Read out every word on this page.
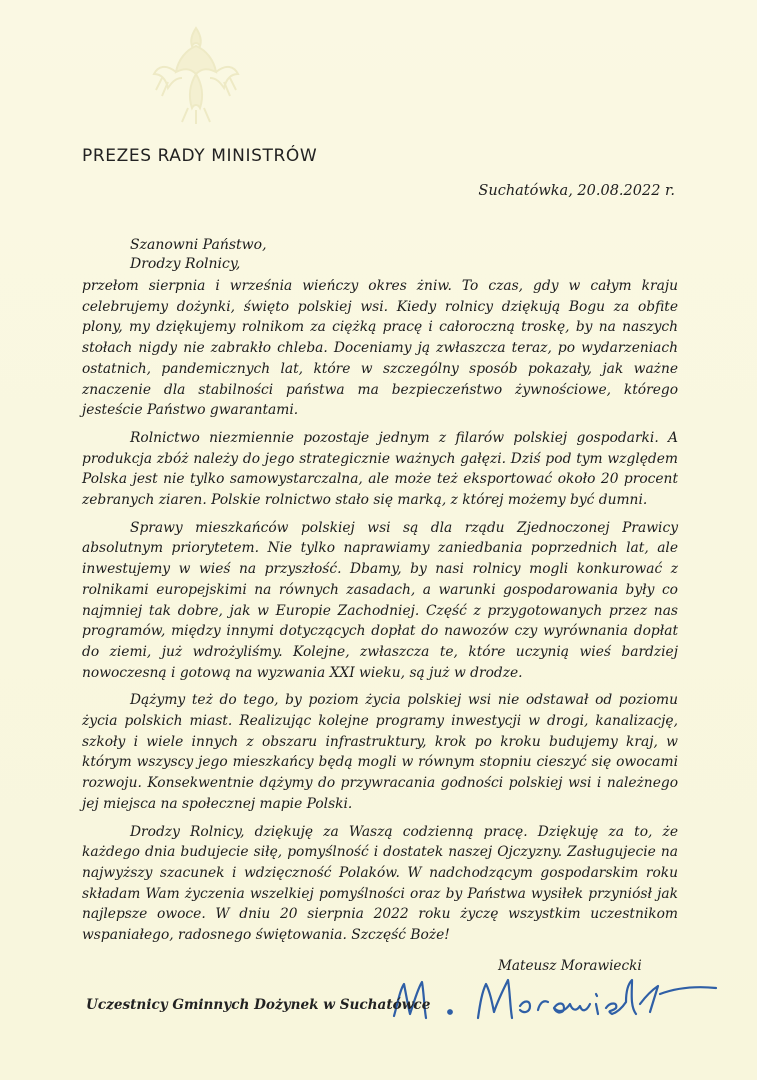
PREZES RADY MINISTRÓW
Suchatówka, 20.08.2022 r.
Szanowni Państwo,
Drodzy Rolnicy,

przełom sierpnia i września wieńczy okres żniw. To czas, gdy w całym kraju celebrujemy dożynki, święto polskiej wsi. Kiedy rolnicy dziękują Bogu za obfite plony, my dziękujemy rolnikom za ciężką pracę i całoroczną troskę, by na naszych stołach nigdy nie zabrakło chleba. Doceniamy ją zwłaszcza teraz, po wydarzeniach ostatnich, pandemicznych lat, które w szczególny sposób pokazały, jak ważne znaczenie dla stabilności państwa ma bezpieczeństwo żywnościowe, którego jesteście Państwo gwarantami.

Rolnictwo niezmiennie pozostaje jednym z filarów polskiej gospodarki. A produkcja zbóż należy do jego strategicznie ważnych gałęzi. Dziś pod tym względem Polska jest nie tylko samowystarczalna, ale może też eksportować około 20 procent zebranych ziaren. Polskie rolnictwo stało się marką, z której możemy być dumni.

Sprawy mieszkańców polskiej wsi są dla rządu Zjednoczonej Prawicy absolutnym priorytetem. Nie tylko naprawiamy zaniedbania poprzednich lat, ale inwestujemy w wieś na przyszłość. Dbamy, by nasi rolnicy mogli konkurować z rolnikami europejskimi na równych zasadach, a warunki gospodarowania były co najmniej tak dobre, jak w Europie Zachodniej. Część z przygotowanych przez nas programów, między innymi dotyczących dopłat do nawozów czy wyrównania dopłat do ziemi, już wdrożyliśmy. Kolejne, zwłaszcza te, które uczynią wieś bardziej nowoczesną i gotową na wyzwania XXI wieku, są już w drodze.

Dążymy też do tego, by poziom życia polskiej wsi nie odstawał od poziomu życia polskich miast. Realizując kolejne programy inwestycji w drogi, kanalizację, szkoły i wiele innych z obszaru infrastruktury, krok po kroku budujemy kraj, w którym wszyscy jego mieszkańcy będą mogli w równym stopniu cieszyć się owocami rozwoju. Konsekwentnie dążymy do przywracania godności polskiej wsi i należnego jej miejsca na społecznej mapie Polski.

Drodzy Rolnicy, dziękuję za Waszą codzienną pracę. Dziękuję za to, że każdego dnia budujecie siłę, pomyślność i dostatek naszej Ojczyzny. Zasługujecie na najwyższy szacunek i wdzięczność Polaków. W nadchodzącym gospodarskim roku składam Wam życzenia wszelkiej pomyślności oraz by Państwa wysiłek przyniósł jak najlepsze owoce. W dniu 20 sierpnia 2022 roku życzę wszystkim uczestnikom wspaniałego, radosnego świętowania. Szczęść Boże!

Mateusz Morawiecki
Uczestnicy Gminnych Dożynek w Suchatówce
